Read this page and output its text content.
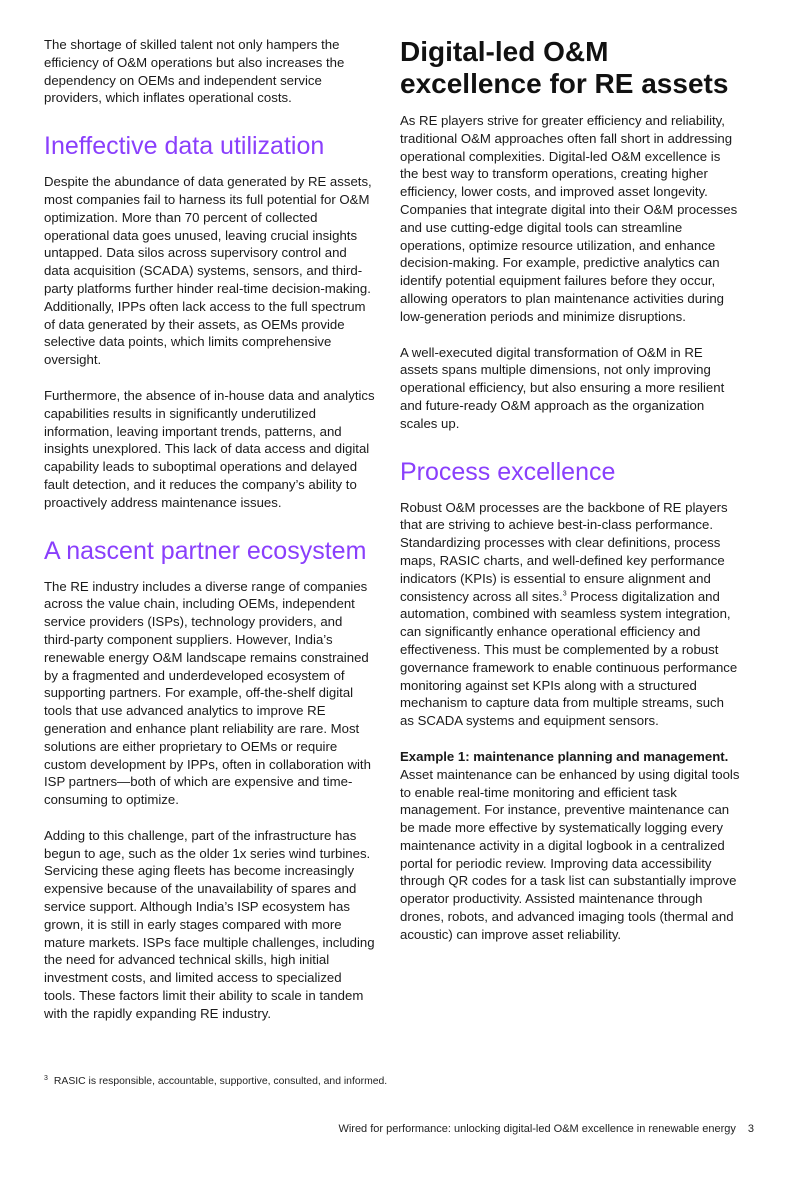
The shortage of skilled talent not only hampers the efficiency of O&M operations but also increases the dependency on OEMs and independent service providers, which inflates operational costs.

Ineffective data utilization

Despite the abundance of data generated by RE assets, most companies fail to harness its full potential for O&M optimization. More than 70 percent of collected operational data goes unused, leaving crucial insights untapped. Data silos across supervisory control and data acquisition (SCADA) systems, sensors, and third-party platforms further hinder real-time decision-making. Additionally, IPPs often lack access to the full spectrum of data generated by their assets, as OEMs provide selective data points, which limits comprehensive oversight.

Furthermore, the absence of in-house data and analytics capabilities results in significantly underutilized information, leaving important trends, patterns, and insights unexplored. This lack of data access and digital capability leads to suboptimal operations and delayed fault detection, and it reduces the company’s ability to proactively address maintenance issues.

A nascent partner ecosystem

The RE industry includes a diverse range of companies across the value chain, including OEMs, independent service providers (ISPs), technology providers, and third-party component suppliers. However, India’s renewable energy O&M landscape remains constrained by a fragmented and underdeveloped ecosystem of supporting partners. For example, off-the-shelf digital tools that use advanced analytics to improve RE generation and enhance plant reliability are rare. Most solutions are either proprietary to OEMs or require custom development by IPPs, often in collaboration with ISP partners—both of which are expensive and time-consuming to optimize.

Adding to this challenge, part of the infrastructure has begun to age, such as the older 1x series wind turbines. Servicing these aging fleets has become increasingly expensive because of the unavailability of spares and service support. Although India’s ISP ecosystem has grown, it is still in early stages compared with more mature markets. ISPs face multiple challenges, including the need for advanced technical skills, high initial investment costs, and limited access to specialized tools. These factors limit their ability to scale in tandem with the rapidly expanding RE industry.

Digital-led O&M excellence for RE assets

As RE players strive for greater efficiency and reliability, traditional O&M approaches often fall short in addressing operational complexities. Digital-led O&M excellence is the best way to transform operations, creating higher efficiency, lower costs, and improved asset longevity. Companies that integrate digital into their O&M processes and use cutting-edge digital tools can streamline operations, optimize resource utilization, and enhance decision-making. For example, predictive analytics can identify potential equipment failures before they occur, allowing operators to plan maintenance activities during low-generation periods and minimize disruptions.

A well-executed digital transformation of O&M in RE assets spans multiple dimensions, not only improving operational efficiency, but also ensuring a more resilient and future-ready O&M approach as the organization scales up.

Process excellence

Robust O&M processes are the backbone of RE players that are striving to achieve best-in-class performance. Standardizing processes with clear definitions, process maps, RASIC charts, and well-defined key performance indicators (KPIs) is essential to ensure alignment and consistency across all sites.$^3$ Process digitalization and automation, combined with seamless system integration, can significantly enhance operational efficiency and effectiveness. This must be complemented by a robust governance framework to enable continuous performance monitoring against set KPIs along with a structured mechanism to capture data from multiple streams, such as SCADA systems and equipment sensors.

Example 1: maintenance planning and management.
Asset maintenance can be enhanced by using digital tools to enable real-time monitoring and efficient task management. For instance, preventive maintenance can be made more effective by systematically logging every maintenance activity in a digital logbook in a centralized portal for periodic review. Improving data accessibility through QR codes for a task list can substantially improve operator productivity. Assisted maintenance through drones, robots, and advanced imaging tools (thermal and acoustic) can improve asset reliability.

$^3$ RASIC is responsible, accountable, supportive, consulted, and informed.
Wired for performance: unlocking digital-led O&M excellence in renewable energy 3
